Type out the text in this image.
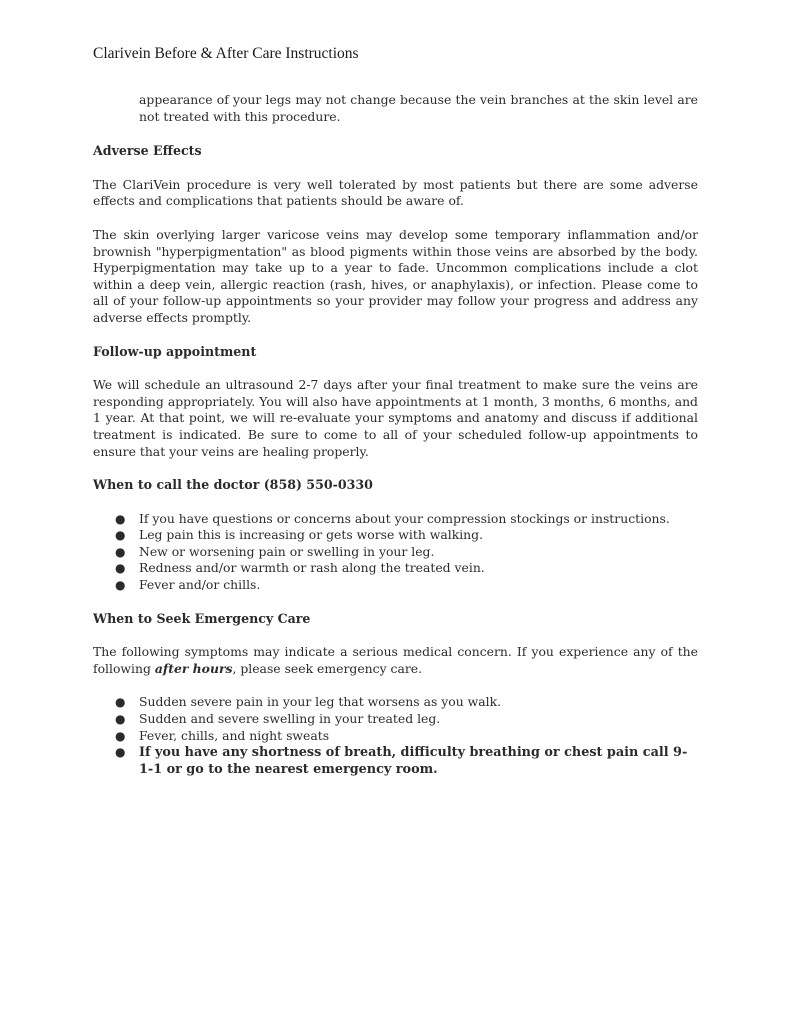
Clarivein Before & After Care Instructions

appearance of your legs may not change because the vein branches at the skin level are not treated with this procedure.

Adverse Effects

The ClariVein procedure is very well tolerated by most patients but there are some adverse effects and complications that patients should be aware of.

The skin overlying larger varicose veins may develop some temporary inflammation and/or brownish "hyperpigmentation" as blood pigments within those veins are absorbed by the body. Hyperpigmentation may take up to a year to fade. Uncommon complications include a clot within a deep vein, allergic reaction (rash, hives, or anaphylaxis), or infection. Please come to all of your follow-up appointments so your provider may follow your progress and address any adverse effects promptly.

Follow-up appointment

We will schedule an ultrasound 2-7 days after your final treatment to make sure the veins are responding appropriately. You will also have appointments at 1 month, 3 months, 6 months, and 1 year. At that point, we will re-evaluate your symptoms and anatomy and discuss if additional treatment is indicated. Be sure to come to all of your scheduled follow-up appointments to ensure that your veins are healing properly.

When to call the doctor (858) 550-0330
● If you have questions or concerns about your compression stockings or instructions.
● Leg pain this is increasing or gets worse with walking.
● New or worsening pain or swelling in your leg.
● Redness and/or warmth or rash along the treated vein.
● Fever and/or chills.
When to Seek Emergency Care

The following symptoms may indicate a serious medical concern. If you experience any of the following after hours, please seek emergency care.

● Sudden severe pain in your leg that worsens as you walk.
● Sudden and severe swelling in your treated leg.
● Fever, chills, and night sweats
● If you have any shortness of breath, difficulty breathing or chest pain call 9-1-1 or go to the nearest emergency room.
